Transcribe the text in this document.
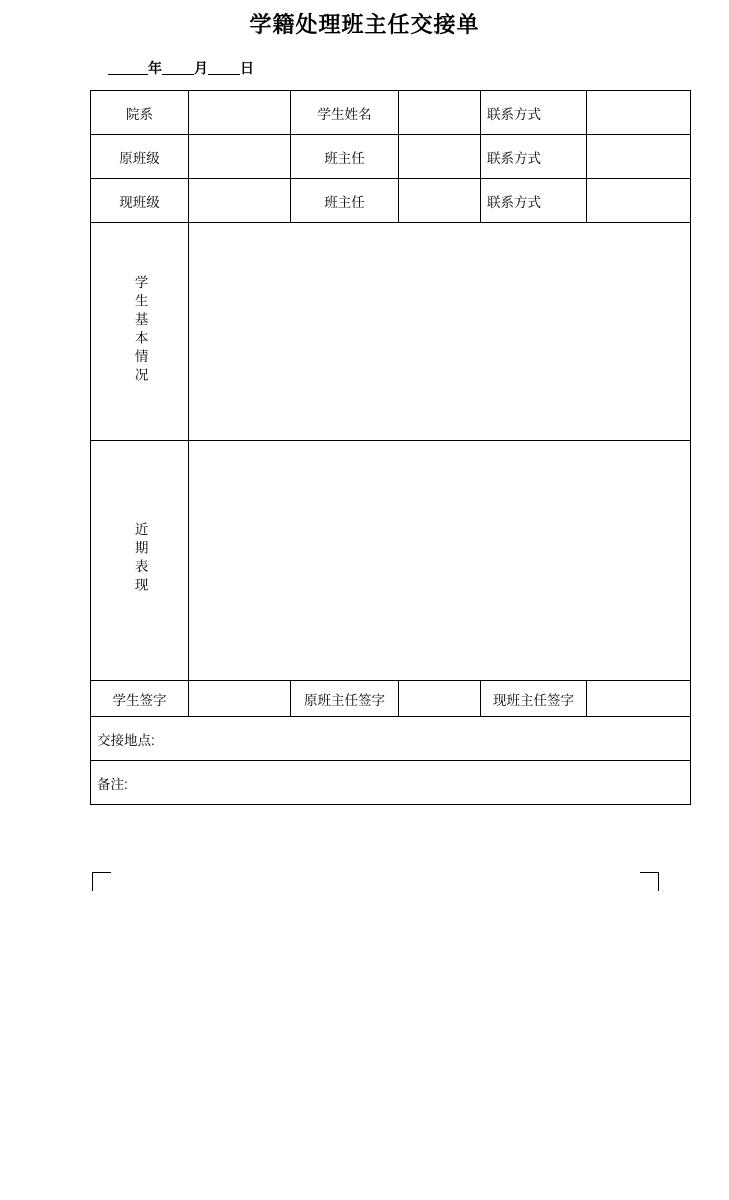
学籍处理班主任交接单
年 月 日
院系		学生姓名		联系方式	
原班级		班主任		联系方式	
现班级		班主任		联系方式	
学生基本情况					
近期表现					
学生签字		原班主任签字		现班主任签字	
交接地点:					
备注:					
